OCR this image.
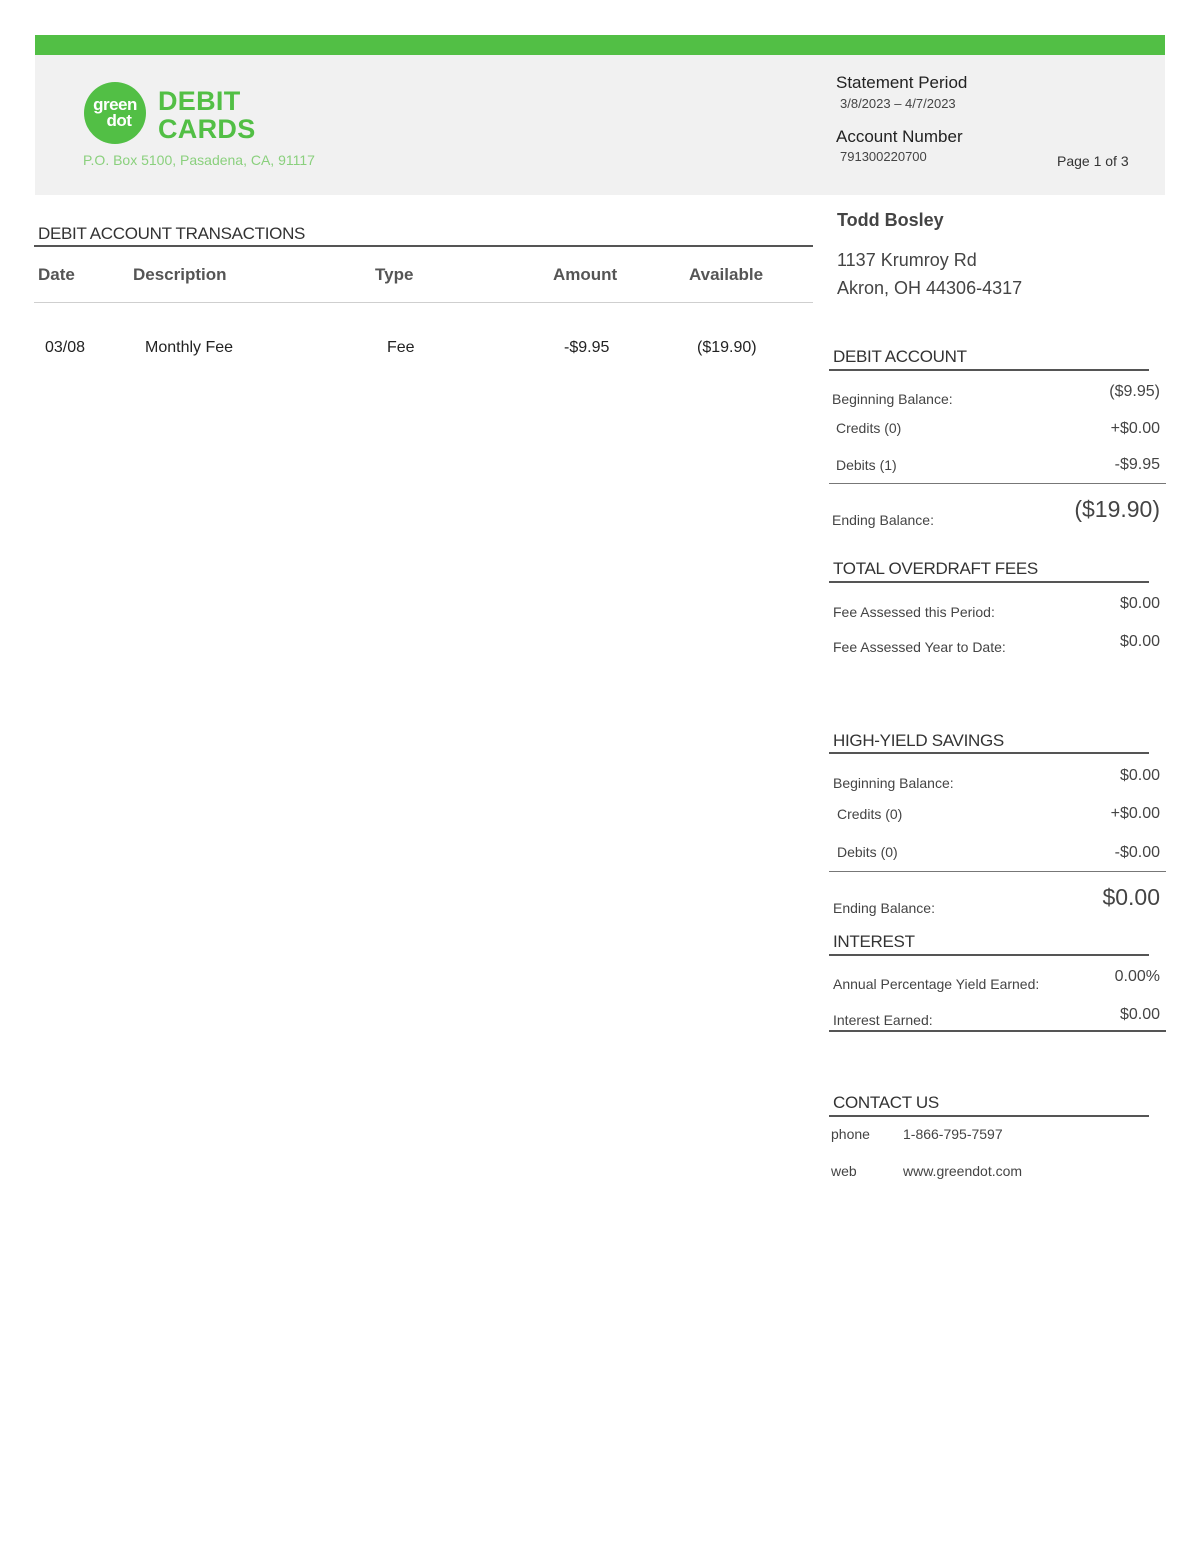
green
dot
DEBIT
CARDS
P.O. Box 5100, Pasadena, CA, 91117
Statement Period
3/8/2023 – 4/7/2023
Account Number
791300220700	Page 1 of 3
DEBIT ACCOUNT TRANSACTIONS
Date	Description	Type	Amount	Available
03/08	Monthly Fee	Fee	-$9.95	($19.90)
Todd Bosley
1137 Krumroy Rd
Akron, OH 44306-4317
DEBIT ACCOUNT
Beginning Balance:	($9.95)
Credits (0)	+$0.00
Debits (1)	-$9.95
Ending Balance:	($19.90)
TOTAL OVERDRAFT FEES
Fee Assessed this Period:	$0.00
Fee Assessed Year to Date:	$0.00
HIGH-YIELD SAVINGS
Beginning Balance:	$0.00
Credits (0)	+$0.00
Debits (0)	-$0.00
Ending Balance:	$0.00
INTEREST
Annual Percentage Yield Earned:	0.00%
Interest Earned:	$0.00
CONTACT US
phone 1-866-795-7597
web	www.greendot.com
